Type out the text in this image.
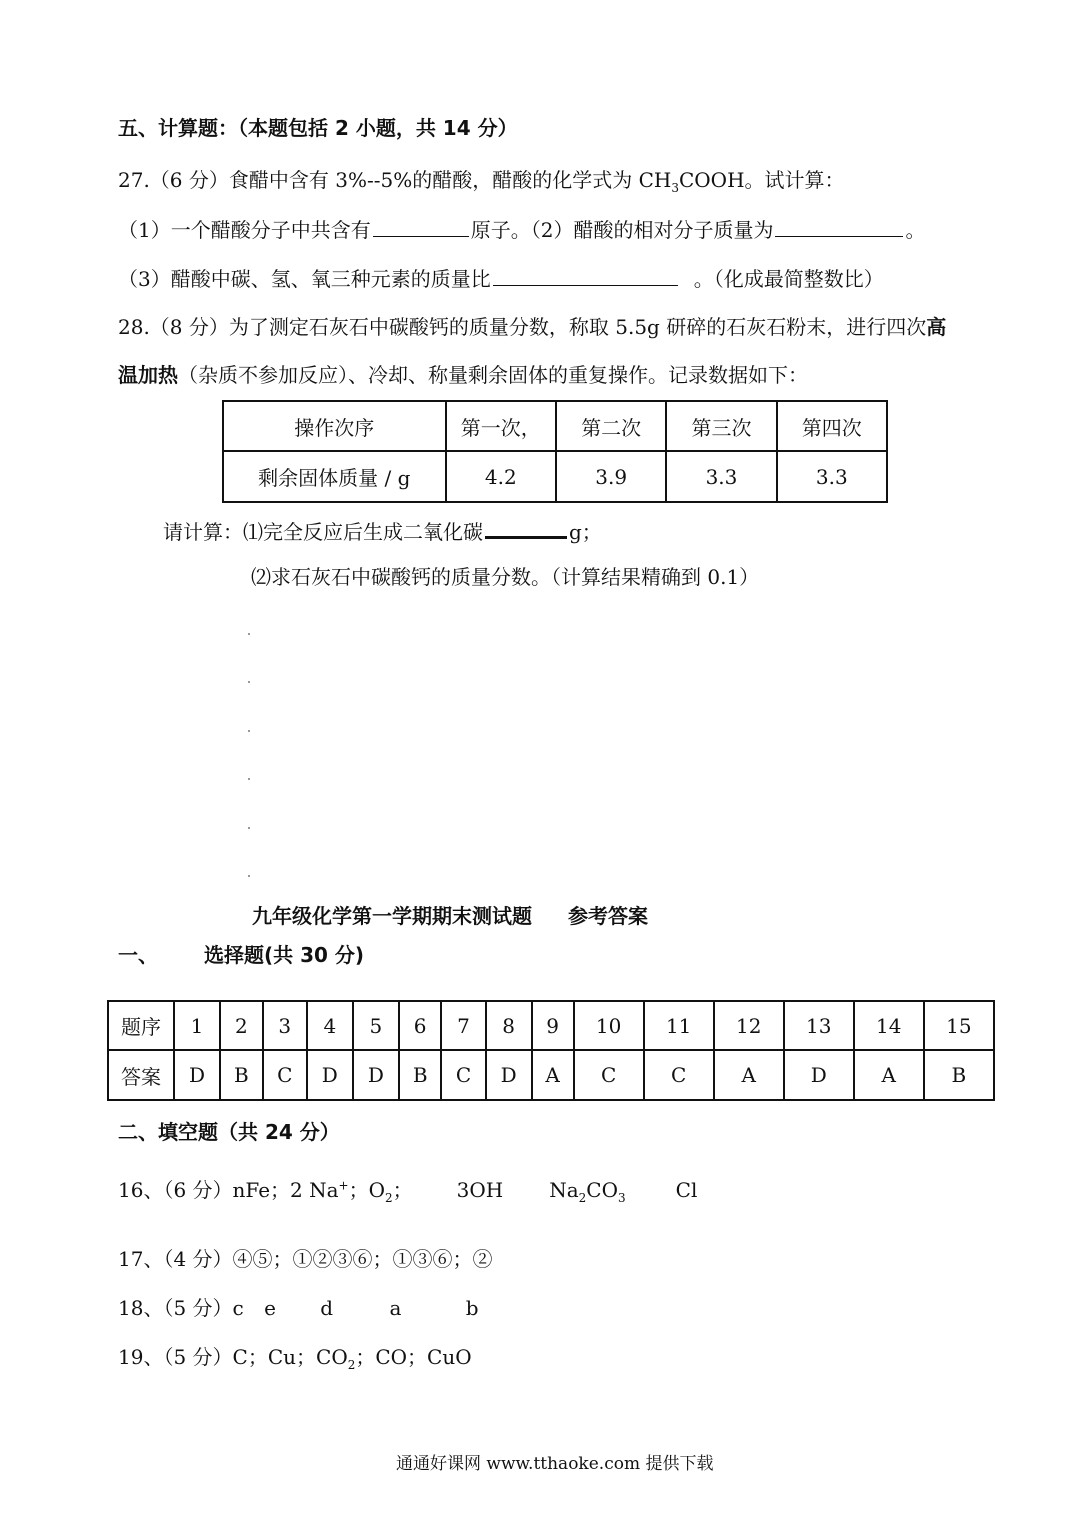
五、计算题：（本题包括 2 小题，共 14 分）
27.（6 分）食醋中含有 3%--5%的醋酸，醋酸的化学式为 $CH_3COOH$。试计算：
（1）一个醋酸分子中共含有	原子。（2）醋酸的相对分子质量为	。
（3）醋酸中碳、氢、氧三种元素的质量比	。（化成最简整数比）
28.（8 分）为了测定石灰石中碳酸钙的质量分数，称取 5.5g 研碎的石灰石粉末，进行四次高
温加热（杂质不参加反应）、冷却、称量剩余固体的重复操作。记录数据如下：
操作次序	第一次，	第二次	第三次	第四次
剩余固体质量 / g	4.2	3.9	3.3	3.3
请计算：⑴完全反应后生成二氧化碳	g；
⑵求石灰石中碳酸钙的质量分数。（计算结果精确到 0.1）
九年级化学第一学期期末测试题 参考答案
一、 选择题(共 30 分)
题序	1	2	3	4	5	6	7	8	9	10	11	12	13	14	15
答案	D	B	C	D	D	B	C	D	A	C	C	A	D	A	B
二、填空题（共 24 分）
16、（6 分）nFe；2 Na+；$O_2$； 3OH $Na_2CO_3$	Cl
17、（4 分）④⑤；①②③⑥；①③⑥；②
18、（5 分）c e d	a	b
19、（5 分）C；Cu；$CO_2$；CO；CuO
通通好课网 www.tthaoke.com 提供下载
